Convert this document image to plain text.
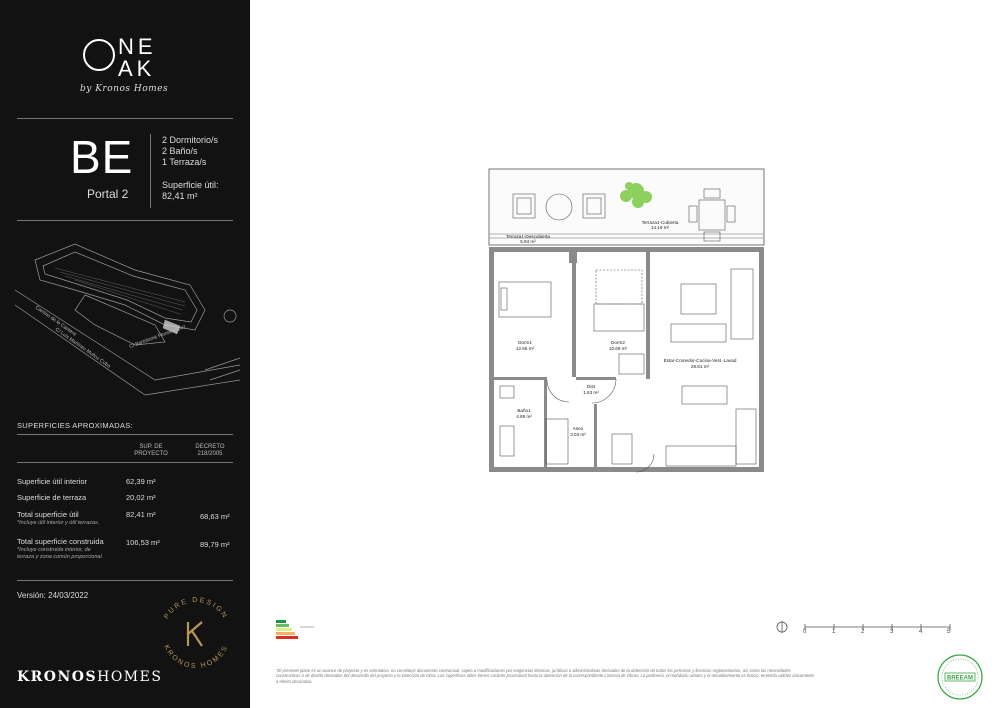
NE
AK
by Kronos Homes
BE
Portal 2
2 Dormitorio/s
2 Baño/s
1 Terraza/s
Superficie útil:
82,41 m²
Camino de la Cantera
C/ Luis Martínez Muñoz Cobo	C/ Bartolomé Flores López
SUPERFICIES APROXIMADAS:
SUP. DE PROYECTO
DECRETO 218/2005
Superficie útil interior	62,39 m²
Superficie de terraza	20,02 m²
Total superficie útil	82,41 m²	68,63 m²
*Incluye útil interior y útil terrazas.
Total superficie construida	106,53 m²	89,79 m²
*Incluye construida interior, de terraza y zona común proporcional.
Versión: 24/03/2022
PURE DESIGN
KRONOS HOMES
KRONOSHOMES
Terraza1-Descubierta
5.94 m²
Terraza1-Cubierta
14.19 m²
Dorm1
12.65 m²
Dorm2
10.69 m²
Estar-Comedor-Cocina-Vest.-Lavad
28.61 m²
Dist
1.63 m²
Baño1
4.89 m²
Aseo
3.03 m²
0	1	2	3	4	5
*El presente plano es un avance de proyecto y es orientativo, no constituye documento contractual, sujeto a modificaciones por exigencias técnicas, jurídicas o administrativas derivadas de la obtención de todos los permisos y licencias reglamentarios, así como las necesidades constructivas o de diseño derivadas del desarrollo del proyecto y la Dirección de Obra. Las superficies útiles tienen carácter provisional hasta la obtención de la correspondiente Licencia de Obras. La jardinería, el mobiliario urbano y el amueblamiento es ficticio, teniendo validez únicamente a efecto decorativo.	BREEAM
